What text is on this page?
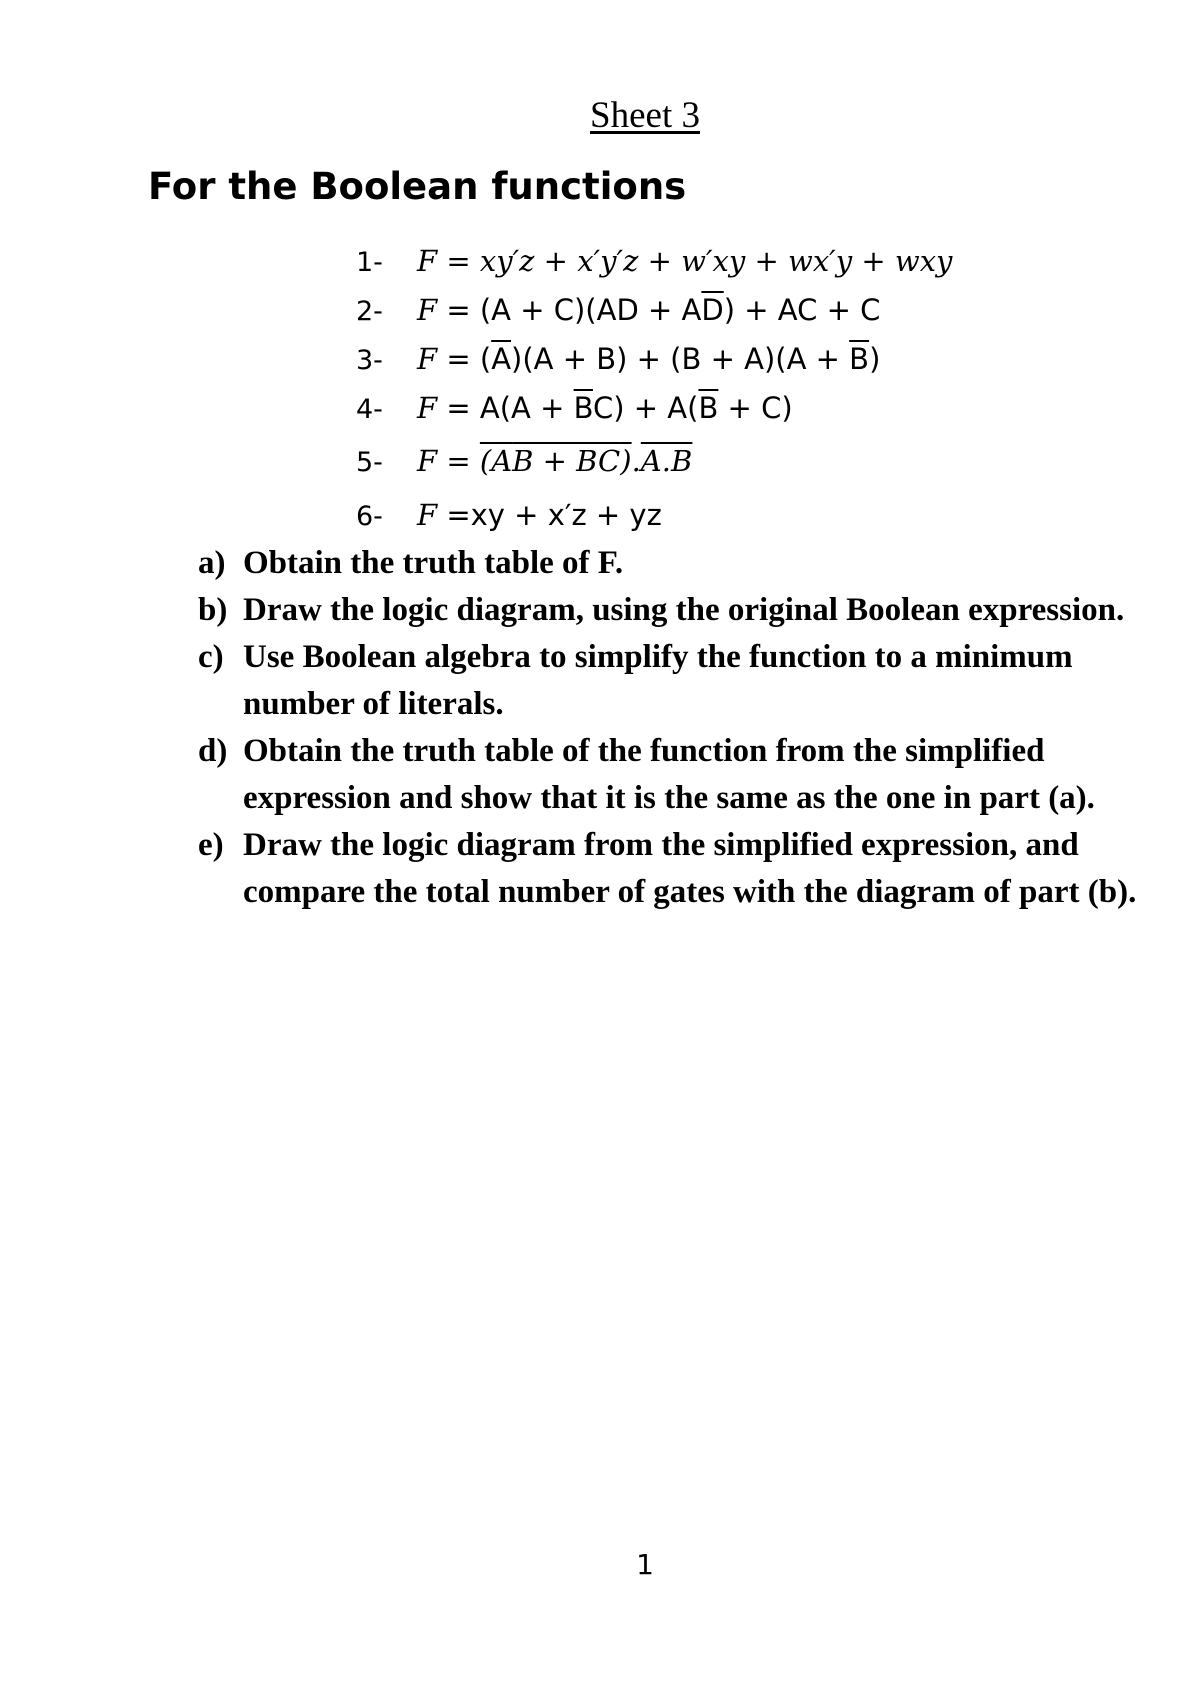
Sheet 3
For the Boolean functions
1-	F = xy′z + x′y′z + w′xy + wx′y + wxy
2-	$F = (A + C)(AD + A\overline{D})$ + AC + C
3-	$F = (\overline{A})(A + B) + (B + A)(A + \overline{B})$
4-	$F = A(A + \overline{B}C) + A(\overline{B} + C)$
5-	F = (AB + BC).A.B
6-	F =xy + x′z + yz
a) Obtain the truth table of F.
b) Draw the logic diagram, using the original Boolean expression.
c) Use Boolean algebra to simplify the function to a minimum number of literals.
d) Obtain the truth table of the function from the simplified expression and show that it is the same as the one in part (a).
e) Draw the logic diagram from the simplified expression, and compare the total number of gates with the diagram of part (b).
1
